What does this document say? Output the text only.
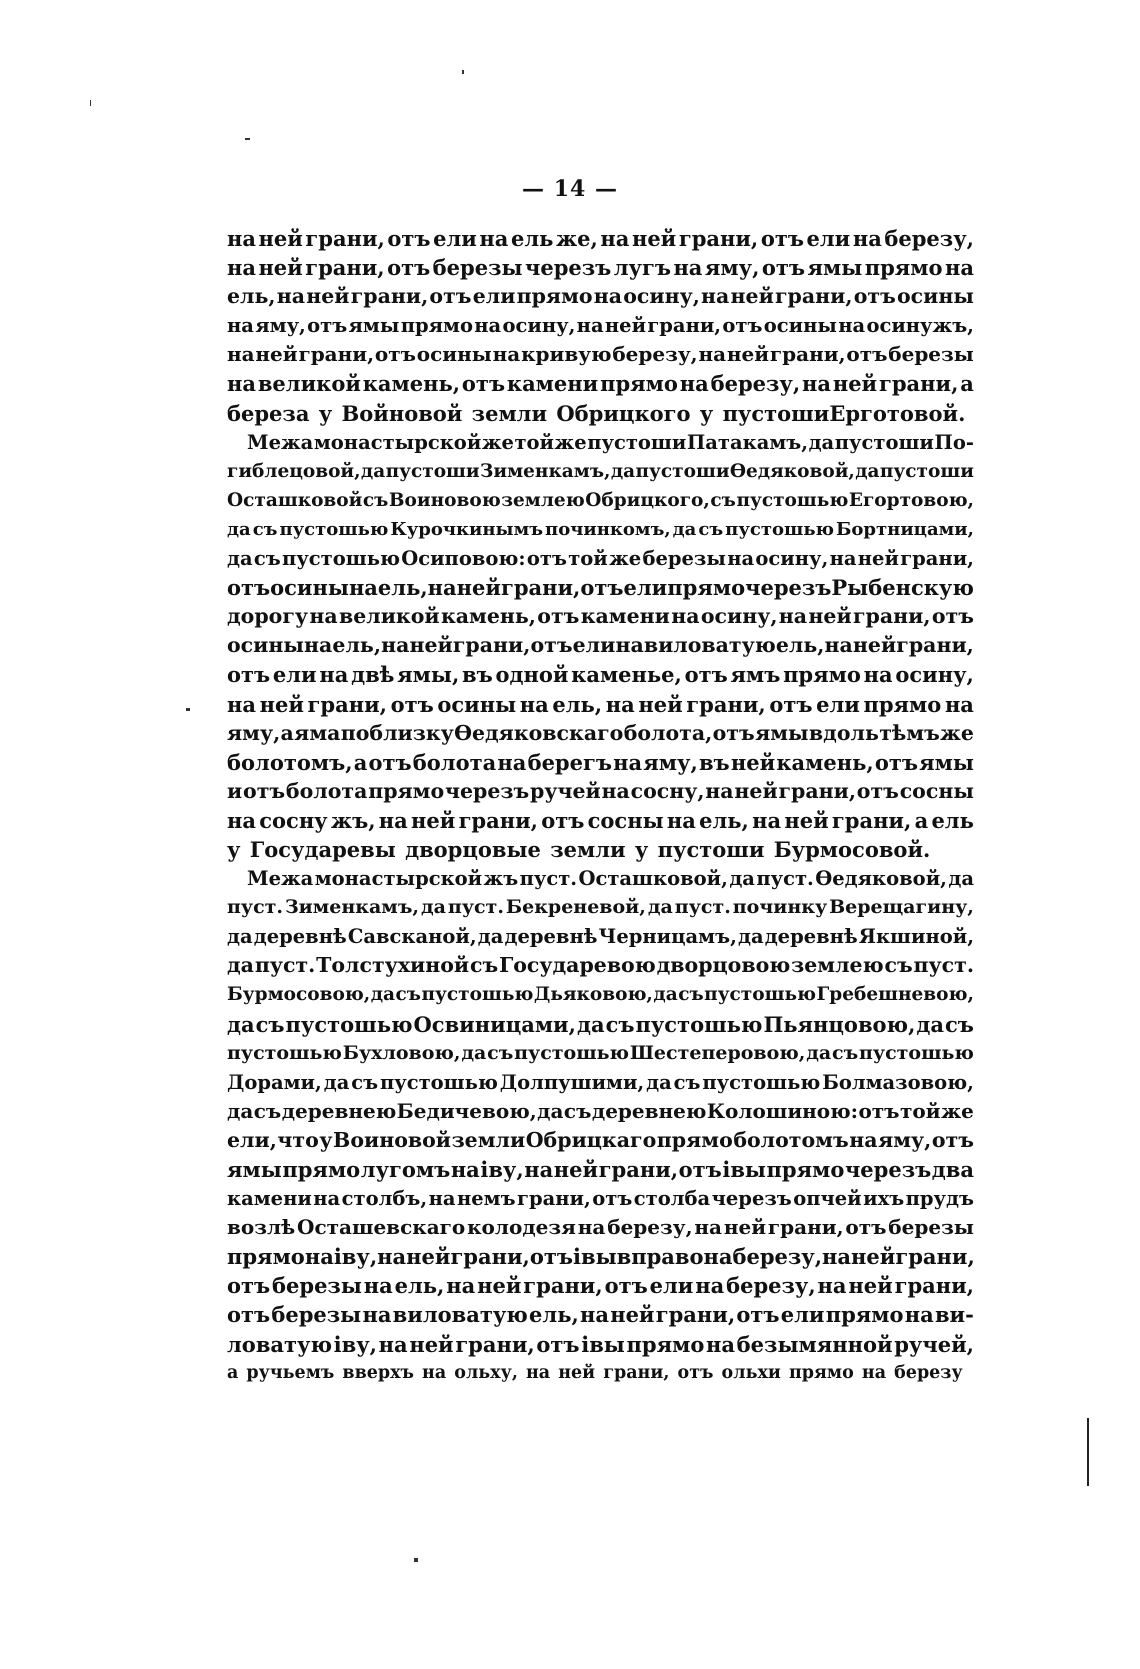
— 14 —
на ней грани, отъ ели на ель же, на ней грани, отъ ели на березу,
на ней грани, отъ березы черезъ лугъ на яму, отъ ямы прямо на
ель, на ней грани, отъ ели прямо на осину, на ней грани, отъ осины
на яму, отъ ямы прямо на осину, на ней грани, отъ осины на осинужъ,
на ней грани, отъ осины на кривую березу, на ней грани, отъ березы
на великой камень, отъ камени прямо на березу, на ней грани, а
береза у Войновой земли Обрицкого у пустошиЕрготовой.
Межа монастырской же той же пустоши Патакамъ, да пустоши По-
гиблецовой, да пустоши Зименкамъ, да пустоши Өедяковой, да пустоши
Осташковой съ Воиновою землею Обрицкого, съ пустошью Егортовою,
да съ пустошью Курочкинымъ починкомъ, да съ пустошью Бортницами,
да съ пустошью Осиповою: отъ той же березы на осину, на ней грани,
отъ осины на ель, на ней грани, отъ ели прямо черезъ Рыбенскую
дорогу на великой камень, отъ камени на осину, на ней грани, отъ
осины на ель, на ней грани, отъ ели на виловатую ель, на ней грани,
отъ ели на двѣ ямы, въ одной каменье, отъ ямъ прямо на осину,
на ней грани, отъ осины на ель, на ней грани, отъ ели прямо на
яму, а яма поблизку Өедяковскаго болота, отъ ямы вдоль тѣмъ же
болотомъ, а отъ болота на берегъ на яму, въ ней камень, отъ ямы
и отъ болота прямо черезъ ручей на сосну, на ней грани, отъ сосны
на сосну жъ, на ней грани, отъ сосны на ель, на ней грани, а ель
у Государевы дворцовые земли у пустоши Бурмосовой.
Межа монастырской жъ пуст. Осташковой, да пуст. Өедяковой, да
пуст. Зименкамъ, да пуст. Бекреневой, да пуст. починку Верещагину,
да деревнѣ Савсканой, да деревнѣ Черницамъ, да деревнѣ Якшиной,
да пуст. Толстухиной съ Государевою дворцовою землею съ пуст.
Бурмосовою, да съ пустошью Дьяковою, да съ пустошью Гребешневою,
да съ пустошью Освиницами, да съ пустошью Пьянцовою, да съ
пустошью Бухловою, да съ пустошью Шестеперовою, да съ пустошью
Дорами, да съ пустошью Долпушими, да съ пустошью Болмазовою,
да съ деревнею Бедичевою, да съ деревнею Колошиною: отъ той же
ели, что у Воиновой земли Обрицкаго прямо болотомъ на яму, отъ
ямы прямо лугомъ на іву, на ней грани, отъ івы прямо черезъ два
камени на столбъ, на немъ грани, отъ столба черезъ опчей ихъ прудъ
возлѣ Осташевскаго колодезя на березу, на ней грани, отъ березы
прямо на іву, на ней грани, отъ івы вправо на березу, на ней грани,
отъ березы на ель, на ней грани, отъ ели на березу, на ней грани,
отъ березы на виловатую ель, на ней грани, отъ ели прямо на ви-
ловатую іву, на ней грани, отъ івы прямо на безымянной ручей,
а ручьемъ вверхъ на ольху, на ней грани, отъ ольхи прямо на березу
